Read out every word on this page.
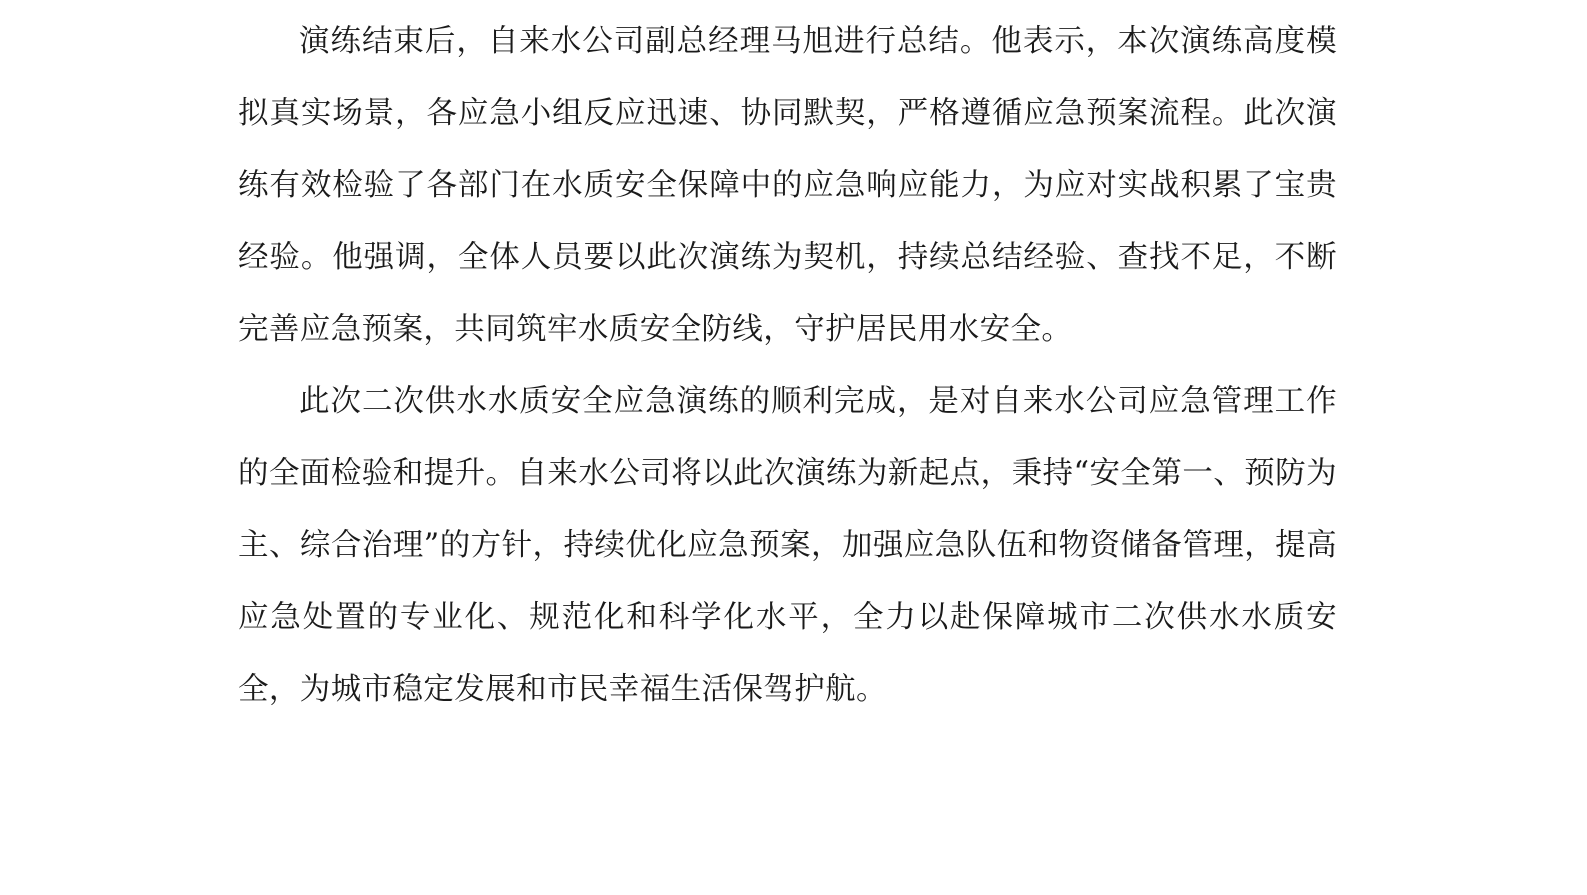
演练结束后，自来水公司副总经理马旭进行总结。他表示，本次演练高度模拟真实场景，各应急小组反应迅速、协同默契，严格遵循应急预案流程。此次演练有效检验了各部门在水质安全保障中的应急响应能力，为应对实战积累了宝贵经验。他强调，全体人员要以此次演练为契机，持续总结经验、查找不足，不断完善应急预案，共同筑牢水质安全防线，守护居民用水安全。

此次二次供水水质安全应急演练的顺利完成，是对自来水公司应急管理工作的全面检验和提升。自来水公司将以此次演练为新起点，秉持“安全第一、预防为主、综合治理”的方针，持续优化应急预案，加强应急队伍和物资储备管理，提高应急处置的专业化、规范化和科学化水平，全力以赴保障城市二次供水水质安全，为城市稳定发展和市民幸福生活保驾护航。
